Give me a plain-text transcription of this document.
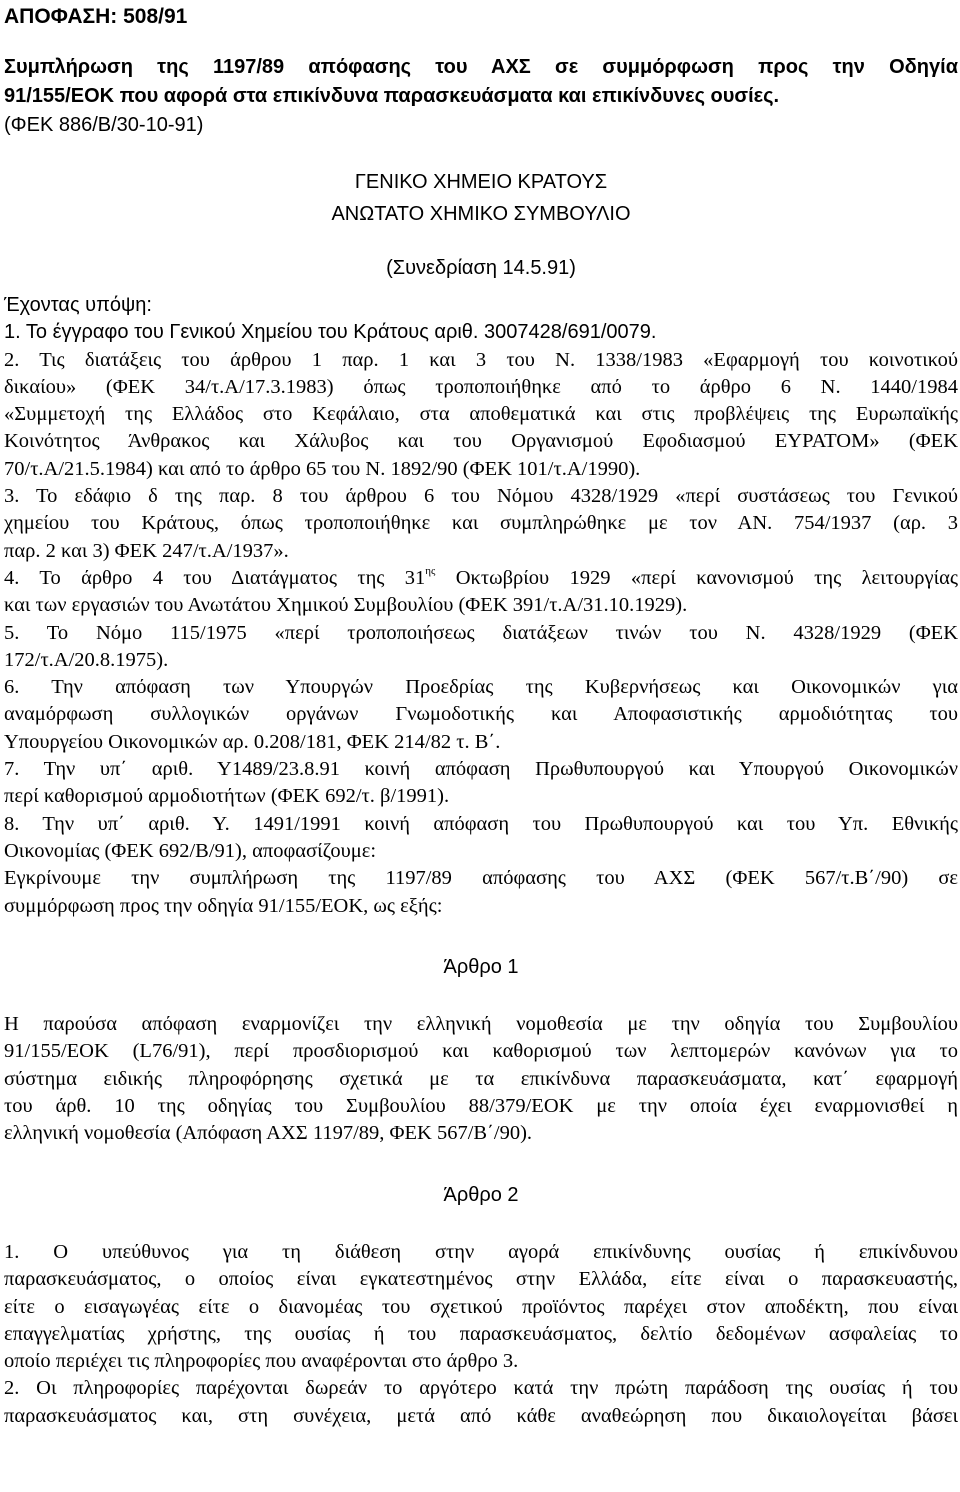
ΑΠΟΦΑΣΗ: 508/91
Συμπλήρωση της 1197/89 απόφασης του ΑΧΣ σε συμμόρφωση προς την Οδηγία
91/155/ΕΟΚ που αφορά στα επικίνδυνα παρασκευάσματα και επικίνδυνες ουσίες.
(ΦΕΚ 886/Β/30-10-91)
ΓΕΝΙΚΟ ΧΗΜΕΙΟ ΚΡΑΤΟΥΣ
ΑΝΩΤΑΤΟ ΧΗΜΙΚΟ ΣΥΜΒΟΥΛΙΟ
(Συνεδρίαση 14.5.91)
Έχοντας υπόψη:
1. Το έγγραφο του Γενικού Χημείου του Κράτους αριθ. 3007428/691/0079.
2. Τις διατάξεις του άρθρου 1 παρ. 1 και 3 του Ν. 1338/1983 «Εφαρμογή του κοινοτικού
δικαίου» (ΦΕΚ 34/τ.Α/17.3.1983) όπως τροποποιήθηκε από το άρθρο 6 Ν. 1440/1984
«Συμμετοχή της Ελλάδος στο Κεφάλαιο, στα αποθεματικά και στις προβλέψεις της Ευρωπαϊκής
Κοινότητος Άνθρακος και Χάλυβος και του Οργανισμού Εφοδιασμού ΕΥΡΑΤΟΜ» (ΦΕΚ
70/τ.Α/21.5.1984) και από το άρθρο 65 του Ν. 1892/90 (ΦΕΚ 101/τ.Α/1990).
3. Το εδάφιο δ της παρ. 8 του άρθρου 6 του Νόμου 4328/1929 «περί συστάσεως του Γενικού
χημείου του Κράτους, όπως τροποποιήθηκε και συμπληρώθηκε με τον ΑΝ. 754/1937 (αρ. 3
παρ. 2 και 3) ΦΕΚ 247/τ.Α/1937».
4. Το άρθρο 4 του Διατάγματος της $31^{\eta\varsigma}$ Οκτωβρίου 1929 «περί κανονισμού της λειτουργίας
και των εργασιών του Ανωτάτου Χημικού Συμβουλίου (ΦΕΚ 391/τ.Α/31.10.1929).
5. Το Νόμο 115/1975 «περί τροποποιήσεως διατάξεων τινών του Ν. 4328/1929 (ΦΕΚ
172/τ.Α/20.8.1975).
6. Την απόφαση των Υπουργών Προεδρίας της Κυβερνήσεως και Οικονομικών για
αναμόρφωση συλλογικών οργάνων Γνωμοδοτικής και Αποφασιστικής αρμοδιότητας του
Υπουργείου Οικονομικών αρ. 0.208/181, ΦΕΚ 214/82 τ. Β΄.
7. Την υπ΄ αριθ. Υ1489/23.8.91 κοινή απόφαση Πρωθυπουργού και Υπουργού Οικονομικών
περί καθορισμού αρμοδιοτήτων (ΦΕΚ 692/τ. β/1991).
8. Την υπ΄ αριθ. Υ. 1491/1991 κοινή απόφαση του Πρωθυπουργού και του Υπ. Εθνικής
Οικονομίας (ΦΕΚ 692/Β/91), αποφασίζουμε:
Εγκρίνουμε την συμπλήρωση της 1197/89 απόφασης του ΑΧΣ (ΦΕΚ 567/τ.Β΄/90) σε
συμμόρφωση προς την οδηγία 91/155/ΕΟΚ, ως εξής:
Άρθρο 1
Η παρούσα απόφαση εναρμονίζει την ελληνική νομοθεσία με την οδηγία του Συμβουλίου
91/155/ΕΟΚ (L76/91), περί προσδιορισμού και καθορισμού των λεπτομερών κανόνων για το
σύστημα ειδικής πληροφόρησης σχετικά με τα επικίνδυνα παρασκευάσματα, κατ΄ εφαρμογή
του άρθ. 10 της οδηγίας του Συμβουλίου 88/379/ΕΟΚ με την οποία έχει εναρμονισθεί η
ελληνική νομοθεσία (Απόφαση ΑΧΣ 1197/89, ΦΕΚ 567/Β΄/90).
Άρθρο 2
1. Ο υπεύθυνος για τη διάθεση στην αγορά επικίνδυνης ουσίας ή επικίνδυνου
παρασκευάσματος, ο οποίος είναι εγκατεστημένος στην Ελλάδα, είτε είναι ο παρασκευαστής,
είτε ο εισαγωγέας είτε ο διανομέας του σχετικού προϊόντος παρέχει στον αποδέκτη, που είναι
επαγγελματίας χρήστης, της ουσίας ή του παρασκευάσματος, δελτίο δεδομένων ασφαλείας το
οποίο περιέχει τις πληροφορίες που αναφέρονται στο άρθρο 3.
2. Οι πληροφορίες παρέχονται δωρεάν το αργότερο κατά την πρώτη παράδοση της ουσίας ή του
παρασκευάσματος και, στη συνέχεια, μετά από κάθε αναθεώρηση που δικαιολογείται βάσει
